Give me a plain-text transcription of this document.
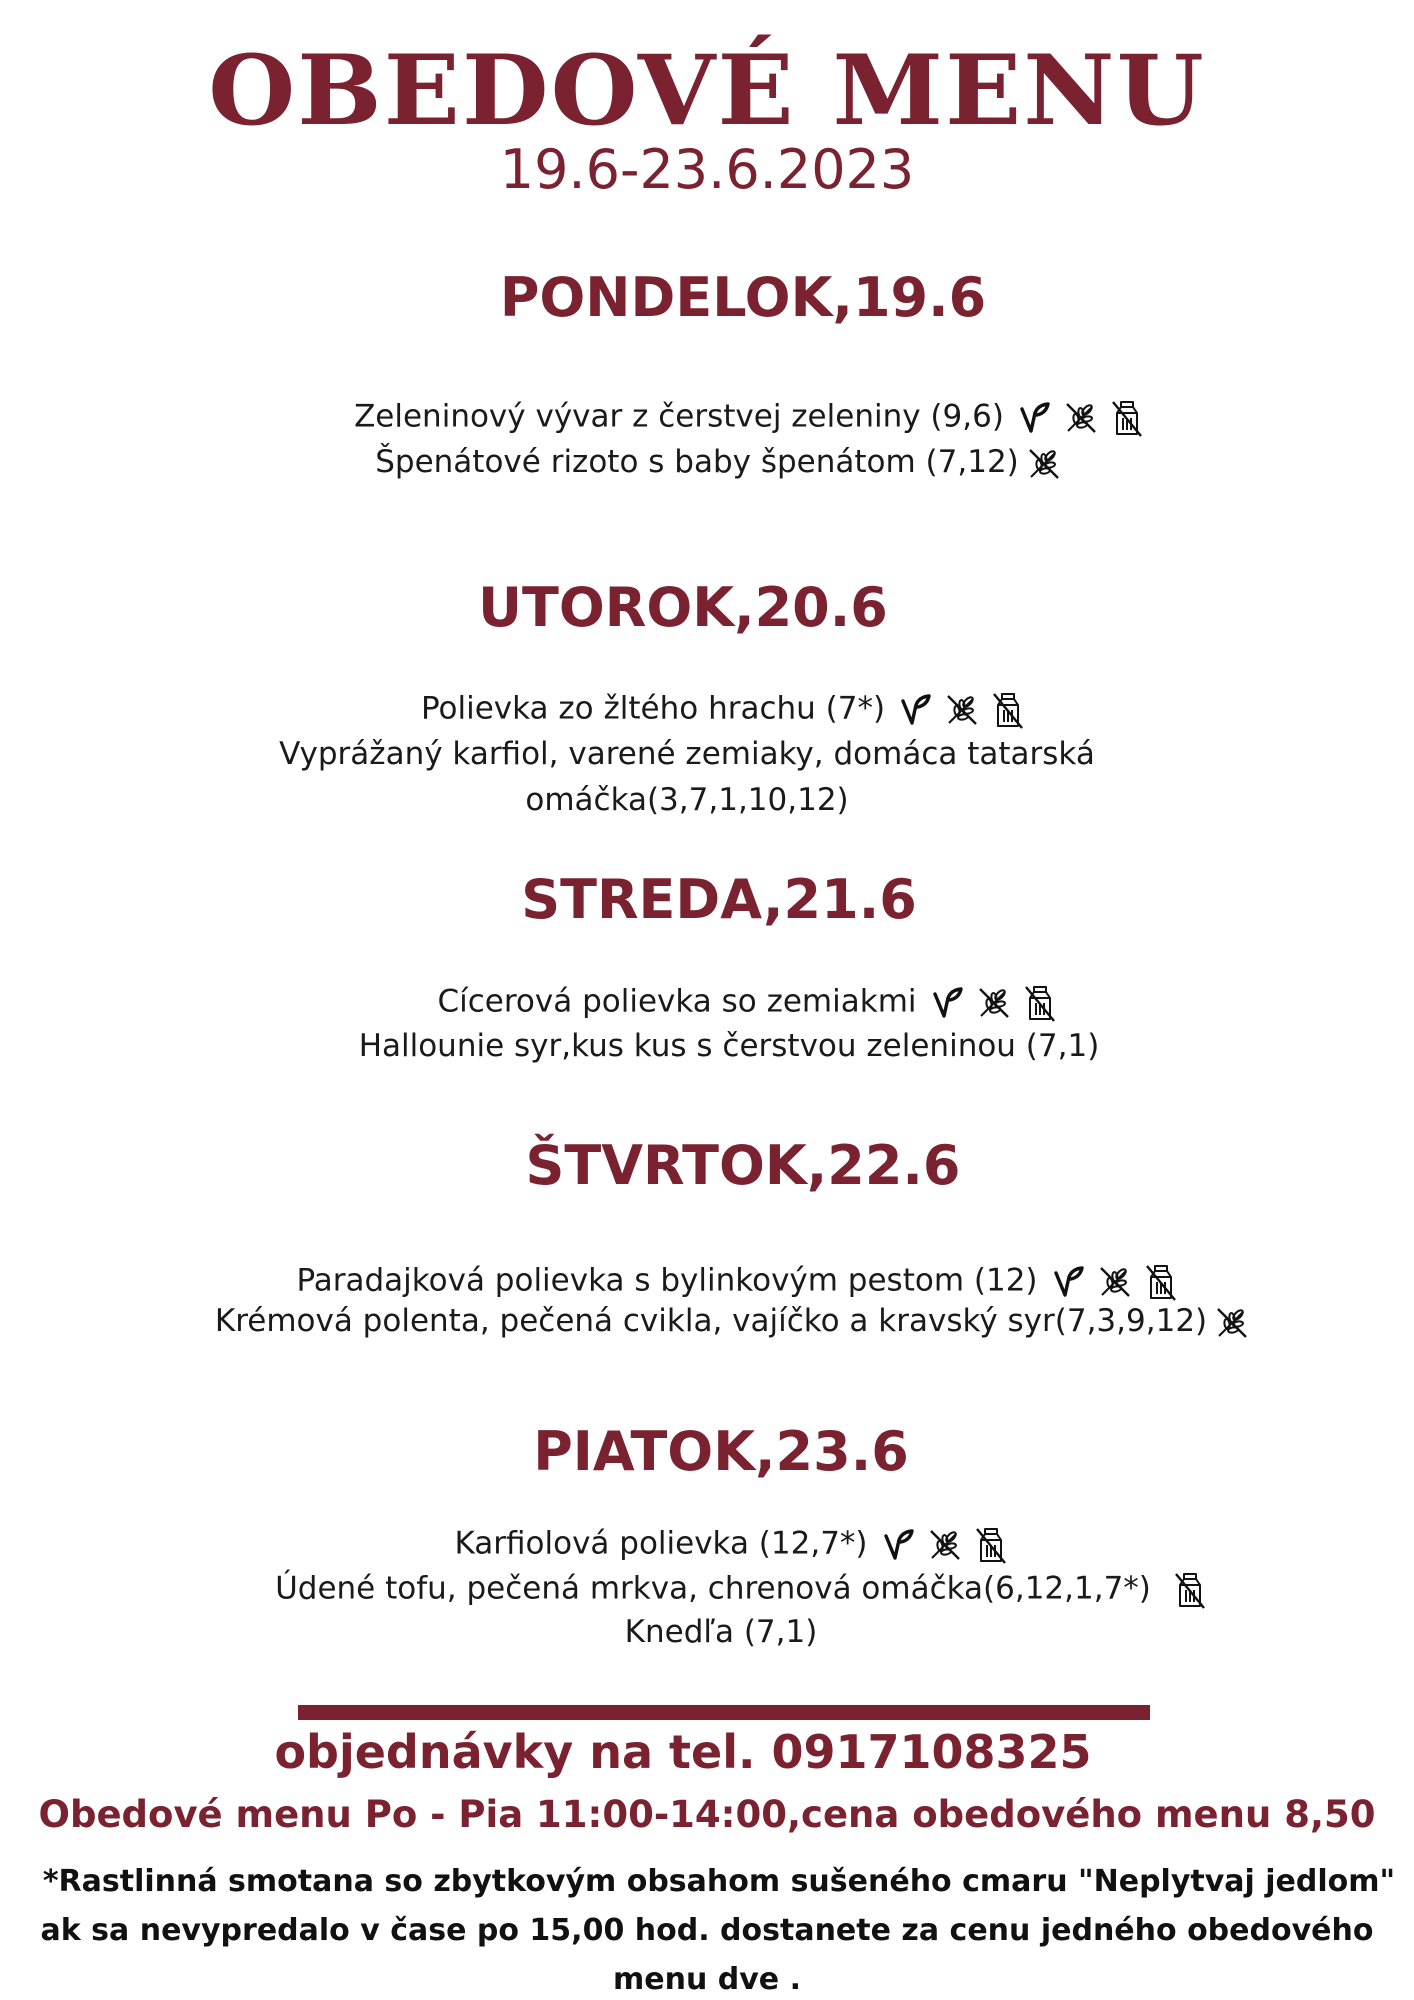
OBEDOVÉ MENU
19.6-23.6.2023
PONDELOK,19.6
Zeleninový vývar z čerstvej zeleniny (9,6)
Špenátové rizoto s baby špenátom (7,12)
UTOROK,20.6
Polievka zo žltého hrachu (7*)
Vyprážaný karfiol, varené zemiaky, domáca tatarská
omáčka(3,7,1,10,12)
STREDA,21.6
Cícerová polievka so zemiakmi
Hallounie syr,kus kus s čerstvou zeleninou (7,1)
ŠTVRTOK,22.6
Paradajková polievka s bylinkovým pestom (12)
Krémová polenta, pečená cvikla, vajíčko a kravský syr(7,3,9,12)
PIATOK,23.6
Karfiolová polievka (12,7*)
Údené tofu, pečená mrkva, chrenová omáčka(6,12,1,7*)
Knedľa (7,1)
objednávky na tel. 0917108325
Obedové menu Po - Pia 11:00-14:00,cena obedového menu 8,50
*Rastlinná smotana so zbytkovým obsahom sušeného cmaru "Neplytvaj jedlom"
ak sa nevypredalo v čase po 15,00 hod. dostanete za cenu jedného obedového
menu dve .
